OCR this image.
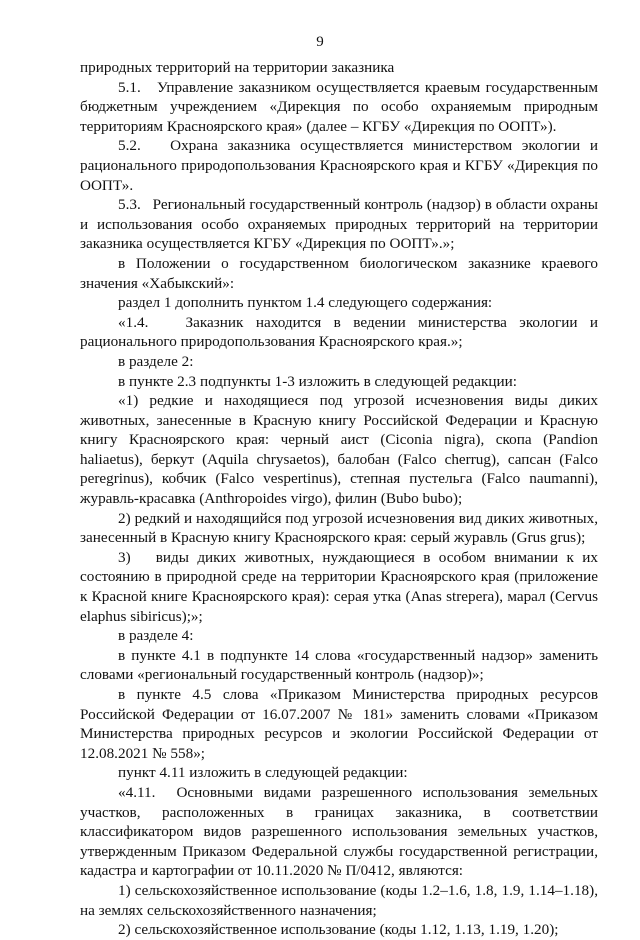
9

природных территорий на территории заказника

5.1.   Управление заказником осуществляется краевым государственным бюджетным учреждением «Дирекция по особо охраняемым природным территориям Красноярского края» (далее – КГБУ «Дирекция по ООПТ»).

5.2.   Охрана заказника осуществляется министерством экологии и рационального природопользования Красноярского края и КГБУ «Дирекция по ООПТ».

5.3.   Региональный государственный контроль (надзор) в области охраны и использования особо охраняемых природных территорий на территории заказника осуществляется КГБУ «Дирекция по ООПТ».»;

в Положении о государственном биологическом заказнике краевого значения «Хабыкский»:

раздел 1 дополнить пунктом 1.4 следующего содержания:

«1.4.   Заказник находится в ведении министерства экологии и рационального природопользования Красноярского края.»;

в разделе 2:

в пункте 2.3 подпункты 1-3 изложить в следующей редакции:

«1) редкие и находящиеся под угрозой исчезновения виды диких животных, занесенные в Красную книгу Российской Федерации и Красную книгу Красноярского края: черный аист (Ciconia nigra), скопа (Pandion haliaetus), беркут (Aquila chrysaetos), балобан (Falco cherrug), сапсан (Falco peregrinus), кобчик (Falco vespertinus), степная пустельга (Falco naumanni), журавль-красавка (Anthropoides virgo), филин (Bubo bubo);

2) редкий и находящийся под угрозой исчезновения вид диких животных, занесенный в Красную книгу Красноярского края: серый журавль (Grus grus);

3)   виды диких животных, нуждающиеся в особом внимании к их состоянию в природной среде на территории Красноярского края (приложение к Красной книге Красноярского края): серая утка (Anas strepera), марал (Cervus elaphus sibiricus);»;

в разделе 4:

в пункте 4.1 в подпункте 14 слова «государственный надзор» заменить словами «региональный государственный контроль (надзор)»;

в пункте 4.5 слова «Приказом Министерства природных ресурсов Российской Федерации от 16.07.2007 № 181» заменить словами «Приказом Министерства природных ресурсов и экологии Российской Федерации от 12.08.2021 № 558»;

пункт 4.11 изложить в следующей редакции:

«4.11.  Основными видами разрешенного использования земельных участков, расположенных в границах заказника, в соответствии классификатором видов разрешенного использования земельных участков, утвержденным Приказом Федеральной службы государственной регистрации, кадастра и картографии от 10.11.2020 № П/0412, являются:

1) сельскохозяйственное использование (коды 1.2–1.6, 1.8, 1.9, 1.14–1.18), на землях сельскохозяйственного назначения;

2) сельскохозяйственное использование (коды 1.12, 1.13, 1.19, 1.20);
